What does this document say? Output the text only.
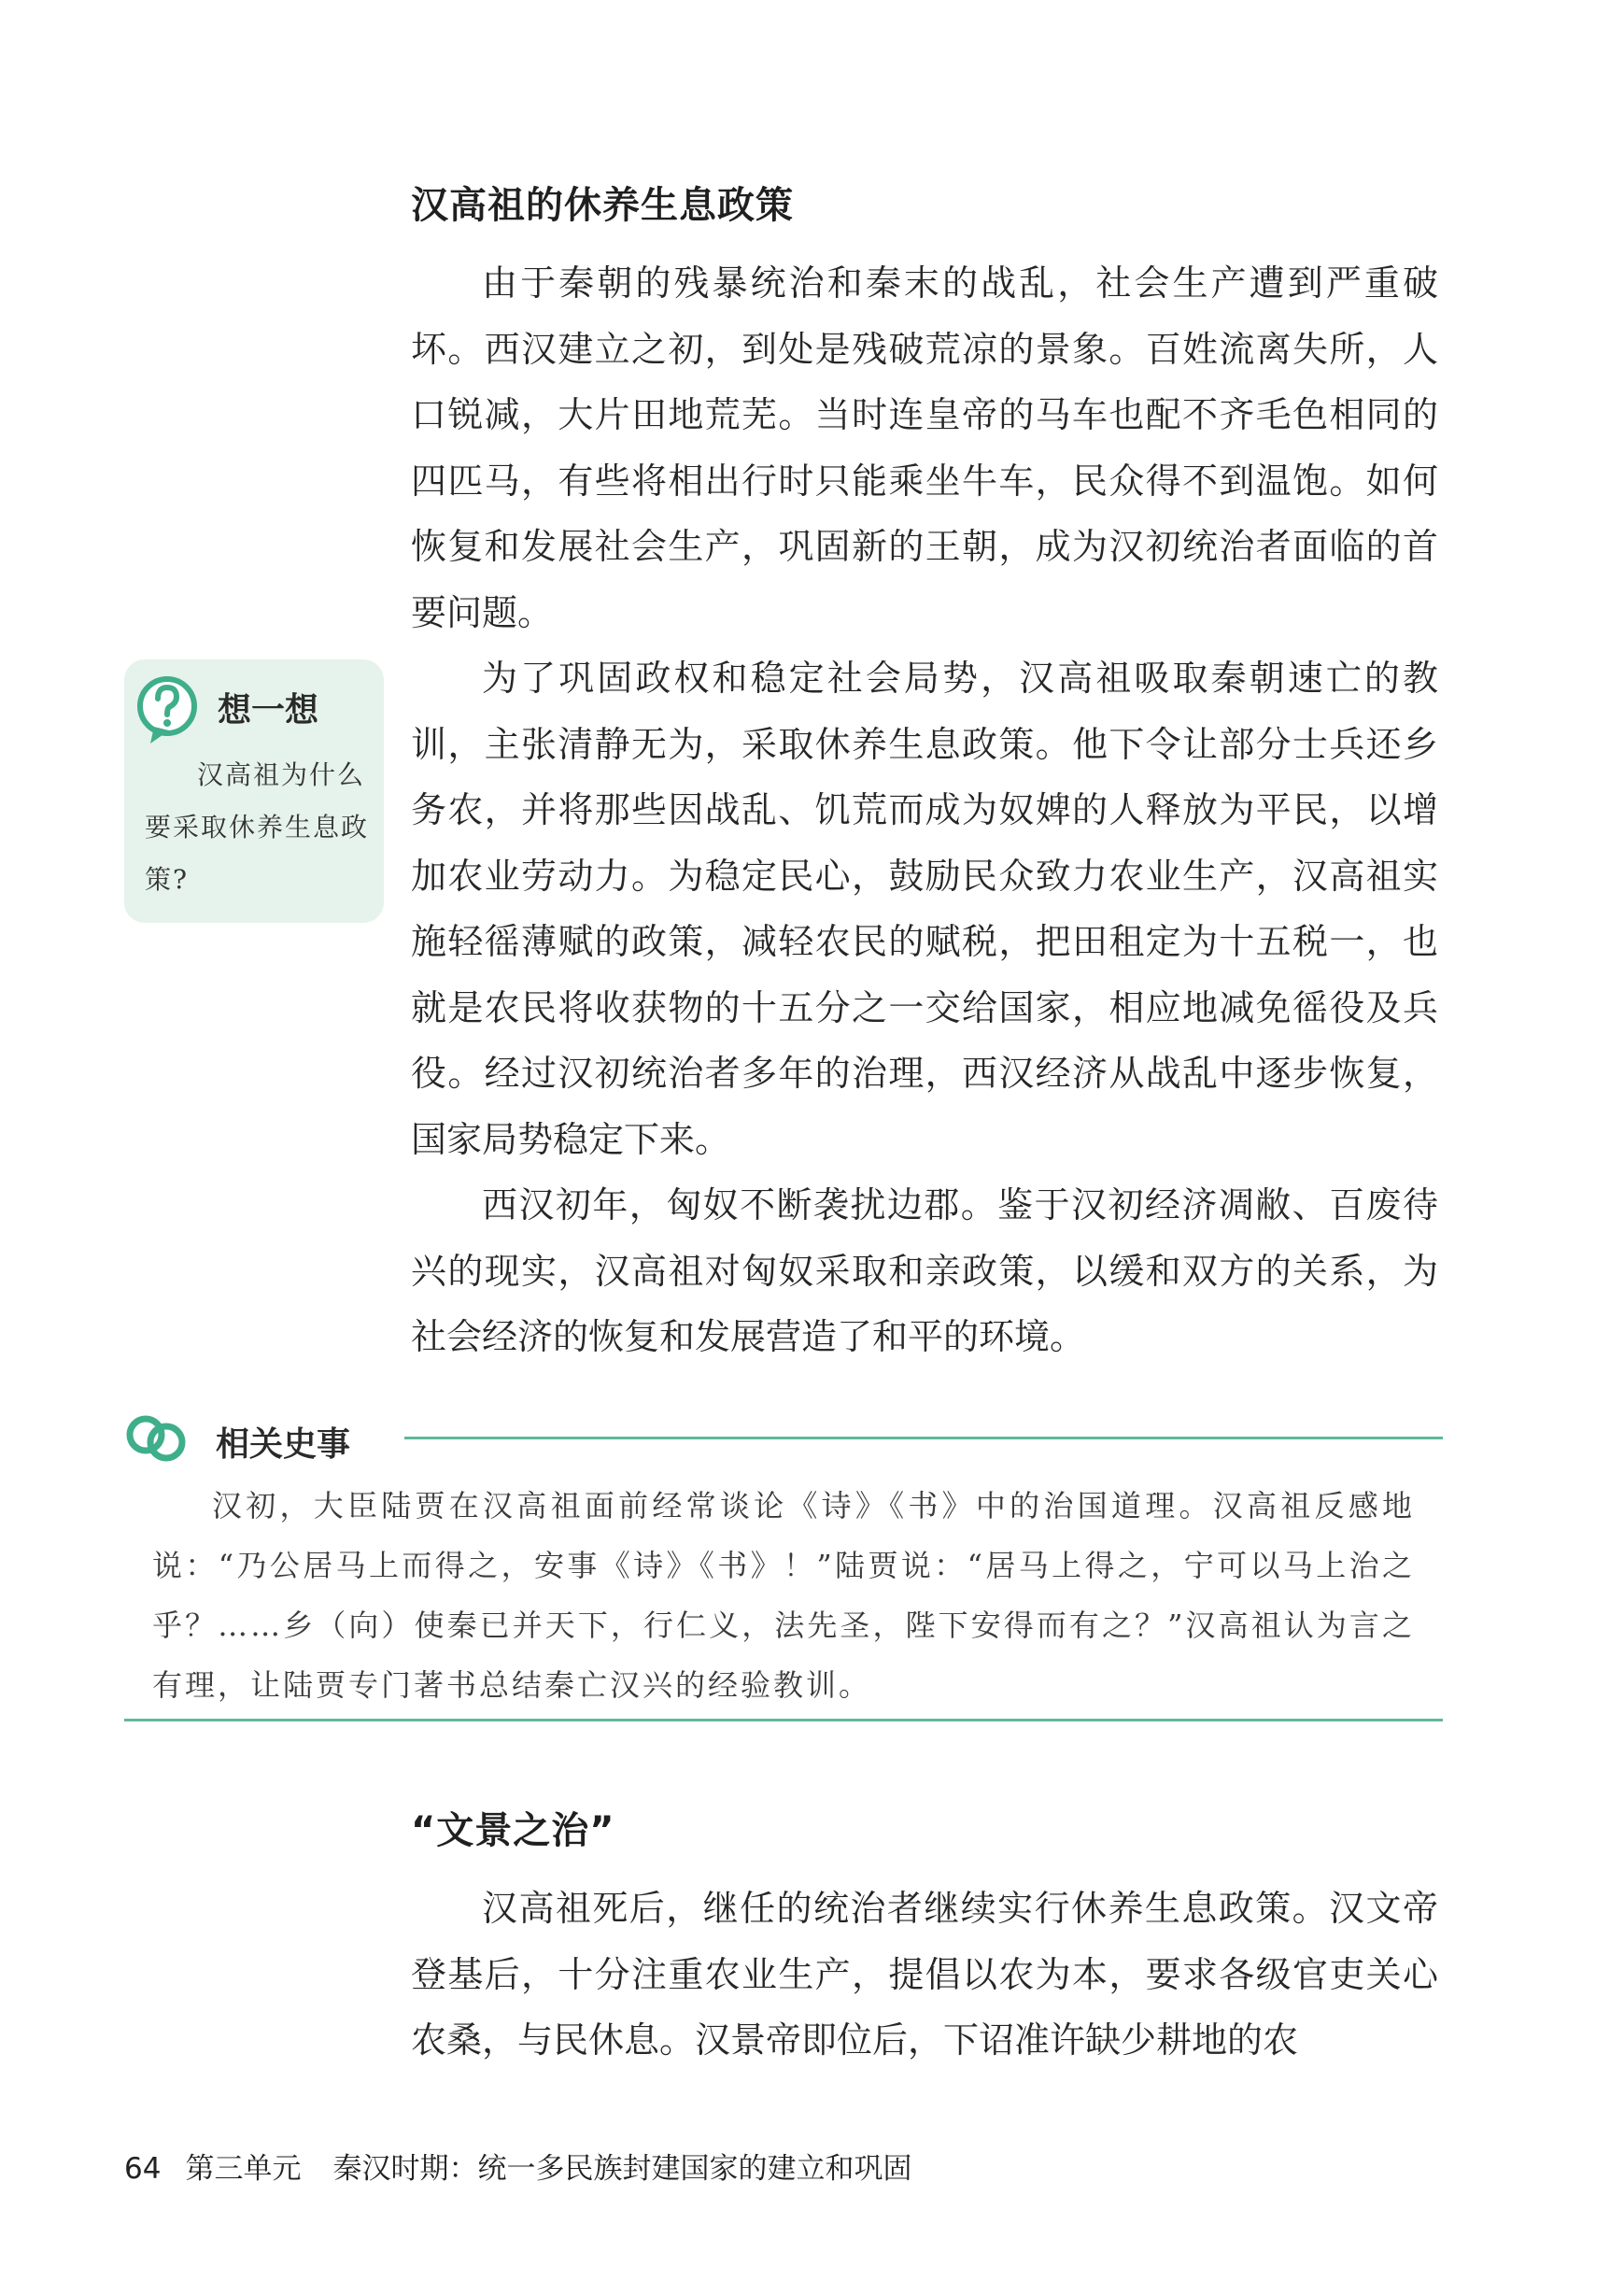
汉高祖的休养生息政策

由于秦朝的残暴统治和秦末的战乱，社会生产遭到严重破坏。西汉建立之初，到处是残破荒凉的景象。百姓流离失所，人口锐减，大片田地荒芜。当时连皇帝的马车也配不齐毛色相同的四匹马，有些将相出行时只能乘坐牛车，民众得不到温饱。如何恢复和发展社会生产，巩固新的王朝，成为汉初统治者面临的首要问题。

为了巩固政权和稳定社会局势，汉高祖吸取秦朝速亡的教训，主张清静无为，采取休养生息政策。他下令让部分士兵还乡务农，并将那些因战乱、饥荒而成为奴婢的人释放为平民，以增加农业劳动力。为稳定民心，鼓励民众致力农业生产，汉高祖实施轻徭薄赋的政策，减轻农民的赋税，把田租定为十五税一，也就是农民将收获物的十五分之一交给国家，相应地减免徭役及兵役。经过汉初统治者多年的治理，西汉经济从战乱中逐步恢复，国家局势稳定下来。

西汉初年，匈奴不断袭扰边郡。鉴于汉初经济凋敝、百废待兴的现实，汉高祖对匈奴采取和亲政策，以缓和双方的关系，为社会经济的恢复和发展营造了和平的环境。

想一想

汉高祖为什么要采取休养生息政策?

相关史事

汉初，大臣陆贾在汉高祖面前经常谈论《诗》《书》中的治国道理。汉高祖反感地说：“乃公居马上而得之，安事《诗》《书》！”陆贾说：“居马上得之，宁可以马上治之乎？……乡（向）使秦已并天下，行仁义，法先圣，陛下安得而有之？”汉高祖认为言之有理，让陆贾专门著书总结秦亡汉兴的经验教训。

“文景之治”

汉高祖死后，继任的统治者继续实行休养生息政策。汉文帝登基后，十分注重农业生产，提倡以农为本，要求各级官吏关心农桑，与民休息。汉景帝即位后，下诏准许缺少耕地的农

64 第三单元 秦汉时期：统一多民族封建国家的建立和巩固
